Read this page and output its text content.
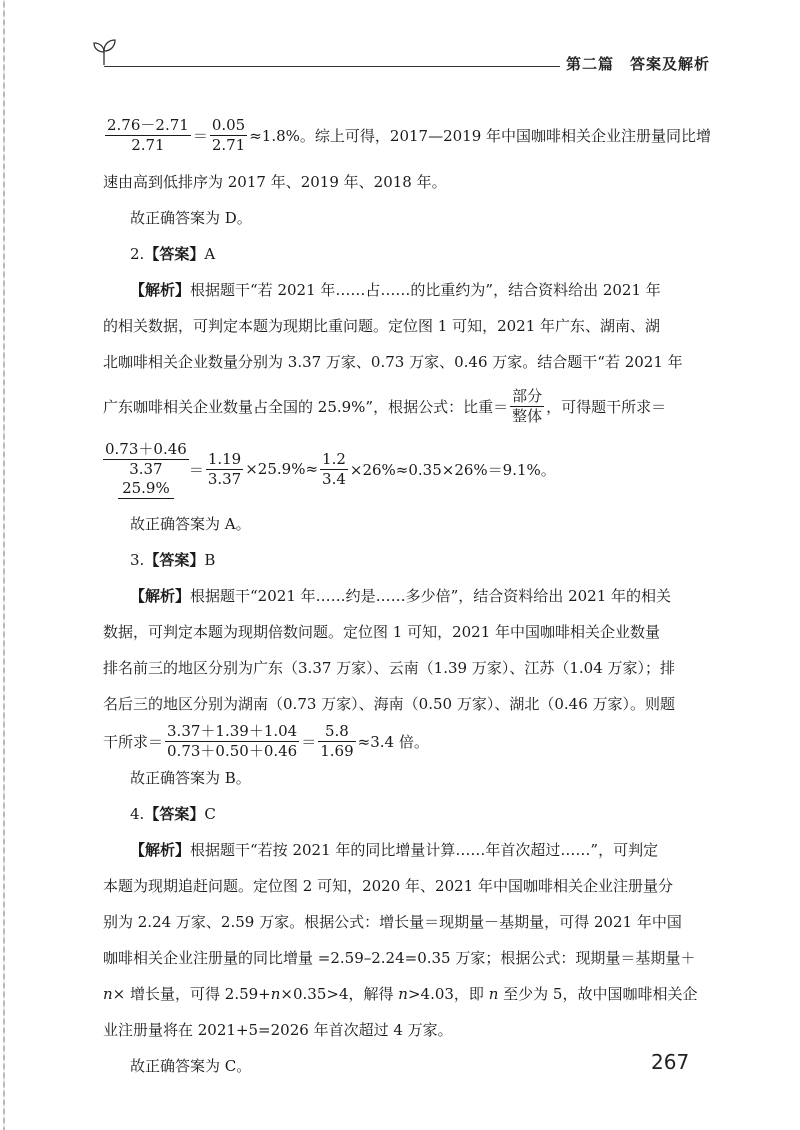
第二篇　答案及解析
$\frac{2.76-2.71}{2.71} = \frac{0.05}{2.71} \approx 1.8\%$。综上可得，2017—2019 年中国咖啡相关企业注册量同比增
速由高到低排序为 2017 年、2019 年、2018 年。
故正确答案为 D。
2.【答案】A
【解析】根据题干“若 2021 年……占……的比重约为”，结合资料给出 2021 年
的相关数据，可判定本题为现期比重问题。定位图 1 可知，2021 年广东、湖南、湖
北咖啡相关企业数量分别为 3.37 万家、0.73 万家、0.46 万家。结合题干“若 2021 年
广东咖啡相关企业数量占全国的 25.9%”，根据公式：比重＝ $\frac{\text{部分}}{\text{整体}}$ ，可得题干所求＝
0.73＋0.46
3.37
25.9%
＝ $\frac{1.19}{3.37} \times 25.9\%\approx \frac{1.2}{3.4} \times 26\%\approx 0.35\times 26\%=9.1\%$。
故正确答案为 A。
3.【答案】B
【解析】根据题干“2021 年……约是……多少倍”，结合资料给出 2021 年的相关
数据，可判定本题为现期倍数问题。定位图 1 可知，2021 年中国咖啡相关企业数量
排名前三的地区分别为广东（3.37 万家）、云南（1.39 万家）、江苏（1.04 万家）；排
名后三的地区分别为湖南（0.73 万家）、海南（0.50 万家）、湖北（0.46 万家）。则题
干所求＝ $\frac{3.37+1.39+1.04}{0.73+0.50+0.46} = \frac{5.8}{1.69} \approx 3.4$ 倍。
故正确答案为 B。
4.【答案】C
【解析】根据题干“若按 2021 年的同比增量计算……年首次超过……”，可判定
本题为现期追赶问题。定位图 2 可知，2020 年、2021 年中国咖啡相关企业注册量分
别为 2.24 万家、2.59 万家。根据公式：增长量＝现期量－基期量，可得 2021 年中国
咖啡相关企业注册量的同比增量 =2.59–2.24=0.35 万家；根据公式：现期量＝基期量＋
n× 增长量，可得 2.59+n×0.35>4，解得 n>4.03，即 n 至少为 5，故中国咖啡相关企
业注册量将在 2021+5=2026 年首次超过 4 万家。
故正确答案为 C。	267
